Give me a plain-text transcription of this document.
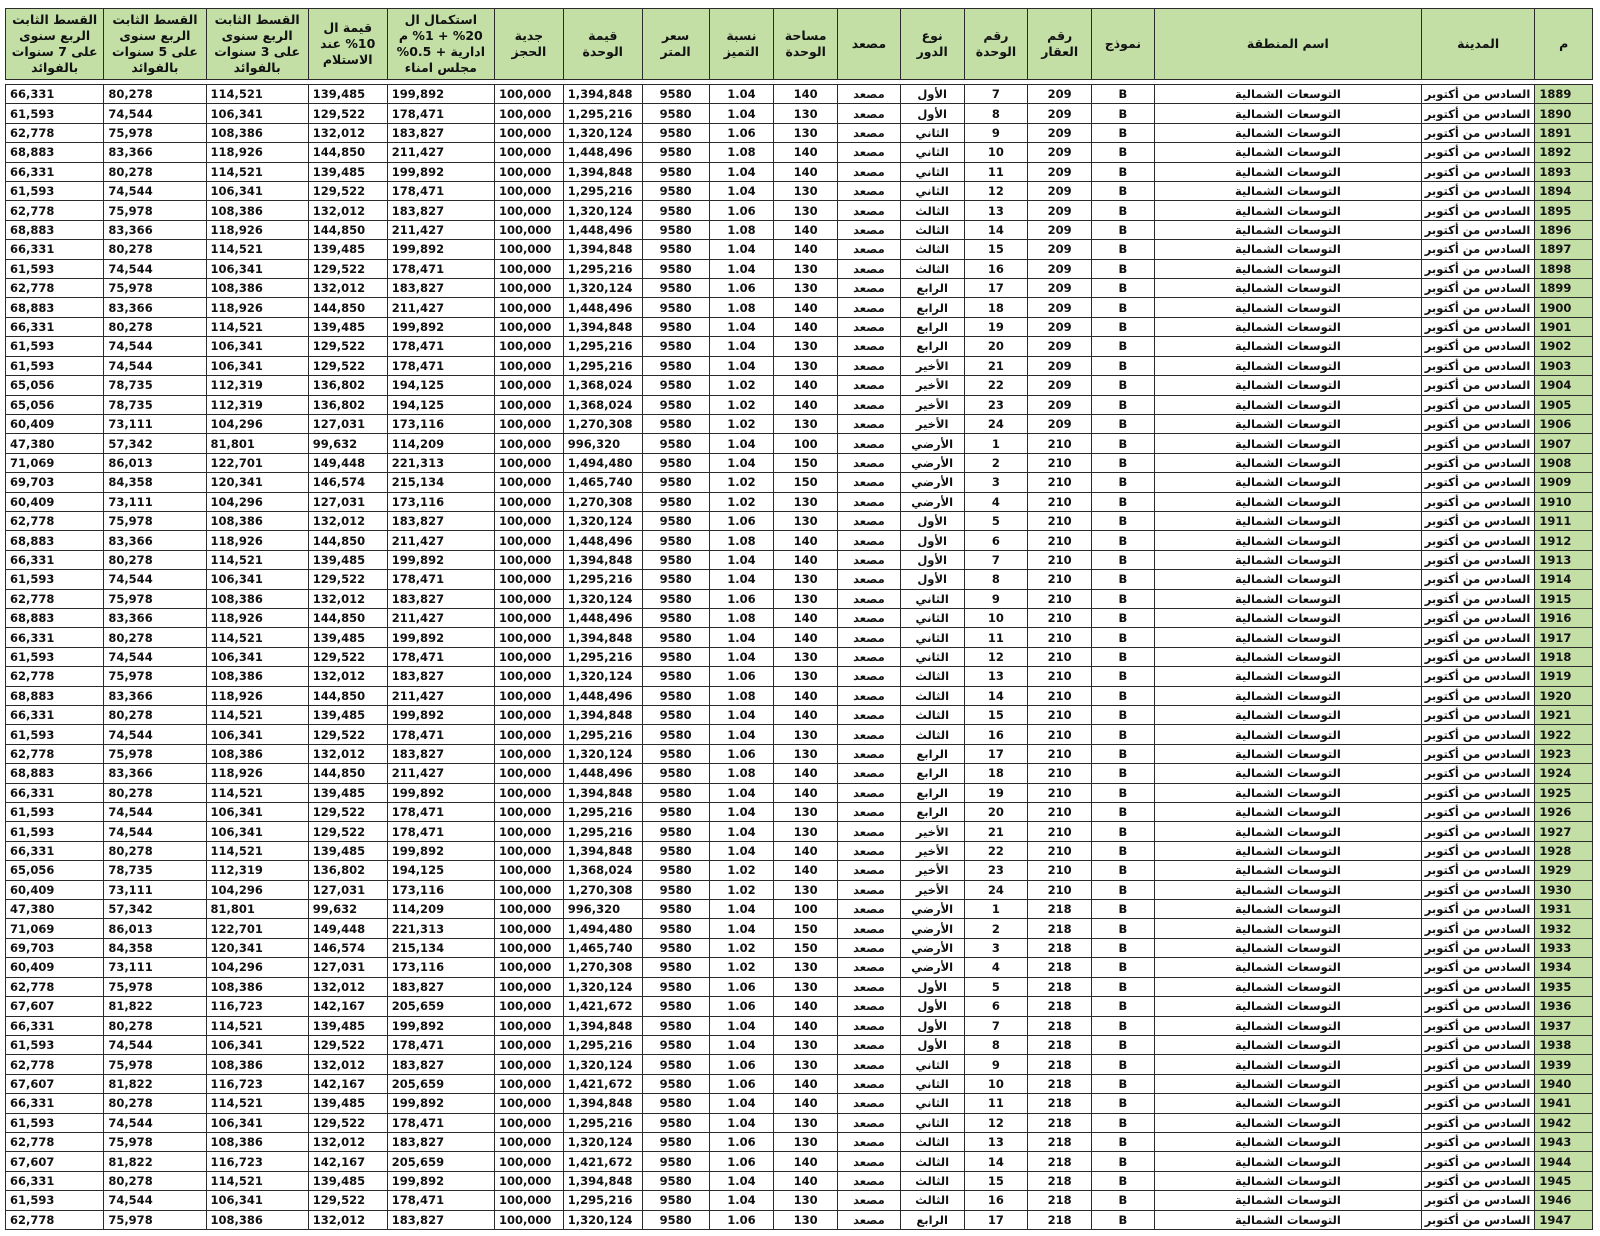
م	المدينة	اسم المنطقة	نموذج	رقم العقار	رقم الوحدة	نوع الدور	مصعد	مساحة الوحدة	نسبة التميز	سعر المتر	قيمة الوحدة	جدية الحجز	استكمال ال 20% + 1% م ادارية + 0.5% مجلس امناء	قيمة ال 10% عند الاستلام	القسط الثابت الربع سنوى على 3 سنوات بالفوائد	القسط الثابت الربع سنوى على 5 سنوات بالفوائد	القسط الثابت الربع سنوى على 7 سنوات بالفوائد

1889	السادس من أكتوبر	التوسعات الشمالية	B	209	7	الأول	مصعد	140	1.04	9580	1,394,848	100,000	199,892	139,485	114,521	80,278	66,331
1890	السادس من أكتوبر	التوسعات الشمالية	B	209	8	الأول	مصعد	130	1.04	9580	1,295,216	100,000	178,471	129,522	106,341	74,544	61,593
1891	السادس من أكتوبر	التوسعات الشمالية	B	209	9	الثاني	مصعد	130	1.06	9580	1,320,124	100,000	183,827	132,012	108,386	75,978	62,778
1892	السادس من أكتوبر	التوسعات الشمالية	B	209	10	الثاني	مصعد	140	1.08	9580	1,448,496	100,000	211,427	144,850	118,926	83,366	68,883
1893	السادس من أكتوبر	التوسعات الشمالية	B	209	11	الثاني	مصعد	140	1.04	9580	1,394,848	100,000	199,892	139,485	114,521	80,278	66,331
1894	السادس من أكتوبر	التوسعات الشمالية	B	209	12	الثاني	مصعد	130	1.04	9580	1,295,216	100,000	178,471	129,522	106,341	74,544	61,593
1895	السادس من أكتوبر	التوسعات الشمالية	B	209	13	الثالث	مصعد	130	1.06	9580	1,320,124	100,000	183,827	132,012	108,386	75,978	62,778
1896	السادس من أكتوبر	التوسعات الشمالية	B	209	14	الثالث	مصعد	140	1.08	9580	1,448,496	100,000	211,427	144,850	118,926	83,366	68,883
1897	السادس من أكتوبر	التوسعات الشمالية	B	209	15	الثالث	مصعد	140	1.04	9580	1,394,848	100,000	199,892	139,485	114,521	80,278	66,331
1898	السادس من أكتوبر	التوسعات الشمالية	B	209	16	الثالث	مصعد	130	1.04	9580	1,295,216	100,000	178,471	129,522	106,341	74,544	61,593
1899	السادس من أكتوبر	التوسعات الشمالية	B	209	17	الرابع	مصعد	130	1.06	9580	1,320,124	100,000	183,827	132,012	108,386	75,978	62,778
1900	السادس من أكتوبر	التوسعات الشمالية	B	209	18	الرابع	مصعد	140	1.08	9580	1,448,496	100,000	211,427	144,850	118,926	83,366	68,883
1901	السادس من أكتوبر	التوسعات الشمالية	B	209	19	الرابع	مصعد	140	1.04	9580	1,394,848	100,000	199,892	139,485	114,521	80,278	66,331
1902	السادس من أكتوبر	التوسعات الشمالية	B	209	20	الرابع	مصعد	130	1.04	9580	1,295,216	100,000	178,471	129,522	106,341	74,544	61,593
1903	السادس من أكتوبر	التوسعات الشمالية	B	209	21	الأخير	مصعد	130	1.04	9580	1,295,216	100,000	178,471	129,522	106,341	74,544	61,593
1904	السادس من أكتوبر	التوسعات الشمالية	B	209	22	الأخير	مصعد	140	1.02	9580	1,368,024	100,000	194,125	136,802	112,319	78,735	65,056
1905	السادس من أكتوبر	التوسعات الشمالية	B	209	23	الأخير	مصعد	140	1.02	9580	1,368,024	100,000	194,125	136,802	112,319	78,735	65,056
1906	السادس من أكتوبر	التوسعات الشمالية	B	209	24	الأخير	مصعد	130	1.02	9580	1,270,308	100,000	173,116	127,031	104,296	73,111	60,409
1907	السادس من أكتوبر	التوسعات الشمالية	B	210	1	الأرضي	مصعد	100	1.04	9580	996,320	100,000	114,209	99,632	81,801	57,342	47,380
1908	السادس من أكتوبر	التوسعات الشمالية	B	210	2	الأرضي	مصعد	150	1.04	9580	1,494,480	100,000	221,313	149,448	122,701	86,013	71,069
1909	السادس من أكتوبر	التوسعات الشمالية	B	210	3	الأرضي	مصعد	150	1.02	9580	1,465,740	100,000	215,134	146,574	120,341	84,358	69,703
1910	السادس من أكتوبر	التوسعات الشمالية	B	210	4	الأرضي	مصعد	130	1.02	9580	1,270,308	100,000	173,116	127,031	104,296	73,111	60,409
1911	السادس من أكتوبر	التوسعات الشمالية	B	210	5	الأول	مصعد	130	1.06	9580	1,320,124	100,000	183,827	132,012	108,386	75,978	62,778
1912	السادس من أكتوبر	التوسعات الشمالية	B	210	6	الأول	مصعد	140	1.08	9580	1,448,496	100,000	211,427	144,850	118,926	83,366	68,883
1913	السادس من أكتوبر	التوسعات الشمالية	B	210	7	الأول	مصعد	140	1.04	9580	1,394,848	100,000	199,892	139,485	114,521	80,278	66,331
1914	السادس من أكتوبر	التوسعات الشمالية	B	210	8	الأول	مصعد	130	1.04	9580	1,295,216	100,000	178,471	129,522	106,341	74,544	61,593
1915	السادس من أكتوبر	التوسعات الشمالية	B	210	9	الثاني	مصعد	130	1.06	9580	1,320,124	100,000	183,827	132,012	108,386	75,978	62,778
1916	السادس من أكتوبر	التوسعات الشمالية	B	210	10	الثاني	مصعد	140	1.08	9580	1,448,496	100,000	211,427	144,850	118,926	83,366	68,883
1917	السادس من أكتوبر	التوسعات الشمالية	B	210	11	الثاني	مصعد	140	1.04	9580	1,394,848	100,000	199,892	139,485	114,521	80,278	66,331
1918	السادس من أكتوبر	التوسعات الشمالية	B	210	12	الثاني	مصعد	130	1.04	9580	1,295,216	100,000	178,471	129,522	106,341	74,544	61,593
1919	السادس من أكتوبر	التوسعات الشمالية	B	210	13	الثالث	مصعد	130	1.06	9580	1,320,124	100,000	183,827	132,012	108,386	75,978	62,778
1920	السادس من أكتوبر	التوسعات الشمالية	B	210	14	الثالث	مصعد	140	1.08	9580	1,448,496	100,000	211,427	144,850	118,926	83,366	68,883
1921	السادس من أكتوبر	التوسعات الشمالية	B	210	15	الثالث	مصعد	140	1.04	9580	1,394,848	100,000	199,892	139,485	114,521	80,278	66,331
1922	السادس من أكتوبر	التوسعات الشمالية	B	210	16	الثالث	مصعد	130	1.04	9580	1,295,216	100,000	178,471	129,522	106,341	74,544	61,593
1923	السادس من أكتوبر	التوسعات الشمالية	B	210	17	الرابع	مصعد	130	1.06	9580	1,320,124	100,000	183,827	132,012	108,386	75,978	62,778
1924	السادس من أكتوبر	التوسعات الشمالية	B	210	18	الرابع	مصعد	140	1.08	9580	1,448,496	100,000	211,427	144,850	118,926	83,366	68,883
1925	السادس من أكتوبر	التوسعات الشمالية	B	210	19	الرابع	مصعد	140	1.04	9580	1,394,848	100,000	199,892	139,485	114,521	80,278	66,331
1926	السادس من أكتوبر	التوسعات الشمالية	B	210	20	الرابع	مصعد	130	1.04	9580	1,295,216	100,000	178,471	129,522	106,341	74,544	61,593
1927	السادس من أكتوبر	التوسعات الشمالية	B	210	21	الأخير	مصعد	130	1.04	9580	1,295,216	100,000	178,471	129,522	106,341	74,544	61,593
1928	السادس من أكتوبر	التوسعات الشمالية	B	210	22	الأخير	مصعد	140	1.04	9580	1,394,848	100,000	199,892	139,485	114,521	80,278	66,331
1929	السادس من أكتوبر	التوسعات الشمالية	B	210	23	الأخير	مصعد	140	1.02	9580	1,368,024	100,000	194,125	136,802	112,319	78,735	65,056
1930	السادس من أكتوبر	التوسعات الشمالية	B	210	24	الأخير	مصعد	130	1.02	9580	1,270,308	100,000	173,116	127,031	104,296	73,111	60,409
1931	السادس من أكتوبر	التوسعات الشمالية	B	218	1	الأرضي	مصعد	100	1.04	9580	996,320	100,000	114,209	99,632	81,801	57,342	47,380
1932	السادس من أكتوبر	التوسعات الشمالية	B	218	2	الأرضي	مصعد	150	1.04	9580	1,494,480	100,000	221,313	149,448	122,701	86,013	71,069
1933	السادس من أكتوبر	التوسعات الشمالية	B	218	3	الأرضي	مصعد	150	1.02	9580	1,465,740	100,000	215,134	146,574	120,341	84,358	69,703
1934	السادس من أكتوبر	التوسعات الشمالية	B	218	4	الأرضي	مصعد	130	1.02	9580	1,270,308	100,000	173,116	127,031	104,296	73,111	60,409
1935	السادس من أكتوبر	التوسعات الشمالية	B	218	5	الأول	مصعد	130	1.06	9580	1,320,124	100,000	183,827	132,012	108,386	75,978	62,778
1936	السادس من أكتوبر	التوسعات الشمالية	B	218	6	الأول	مصعد	140	1.06	9580	1,421,672	100,000	205,659	142,167	116,723	81,822	67,607
1937	السادس من أكتوبر	التوسعات الشمالية	B	218	7	الأول	مصعد	140	1.04	9580	1,394,848	100,000	199,892	139,485	114,521	80,278	66,331
1938	السادس من أكتوبر	التوسعات الشمالية	B	218	8	الأول	مصعد	130	1.04	9580	1,295,216	100,000	178,471	129,522	106,341	74,544	61,593
1939	السادس من أكتوبر	التوسعات الشمالية	B	218	9	الثاني	مصعد	130	1.06	9580	1,320,124	100,000	183,827	132,012	108,386	75,978	62,778
1940	السادس من أكتوبر	التوسعات الشمالية	B	218	10	الثاني	مصعد	140	1.06	9580	1,421,672	100,000	205,659	142,167	116,723	81,822	67,607
1941	السادس من أكتوبر	التوسعات الشمالية	B	218	11	الثاني	مصعد	140	1.04	9580	1,394,848	100,000	199,892	139,485	114,521	80,278	66,331
1942	السادس من أكتوبر	التوسعات الشمالية	B	218	12	الثاني	مصعد	130	1.04	9580	1,295,216	100,000	178,471	129,522	106,341	74,544	61,593
1943	السادس من أكتوبر	التوسعات الشمالية	B	218	13	الثالث	مصعد	130	1.06	9580	1,320,124	100,000	183,827	132,012	108,386	75,978	62,778
1944	السادس من أكتوبر	التوسعات الشمالية	B	218	14	الثالث	مصعد	140	1.06	9580	1,421,672	100,000	205,659	142,167	116,723	81,822	67,607
1945	السادس من أكتوبر	التوسعات الشمالية	B	218	15	الثالث	مصعد	140	1.04	9580	1,394,848	100,000	199,892	139,485	114,521	80,278	66,331
1946	السادس من أكتوبر	التوسعات الشمالية	B	218	16	الثالث	مصعد	130	1.04	9580	1,295,216	100,000	178,471	129,522	106,341	74,544	61,593
1947	السادس من أكتوبر	التوسعات الشمالية	B	218	17	الرابع	مصعد	130	1.06	9580	1,320,124	100,000	183,827	132,012	108,386	75,978	62,778
